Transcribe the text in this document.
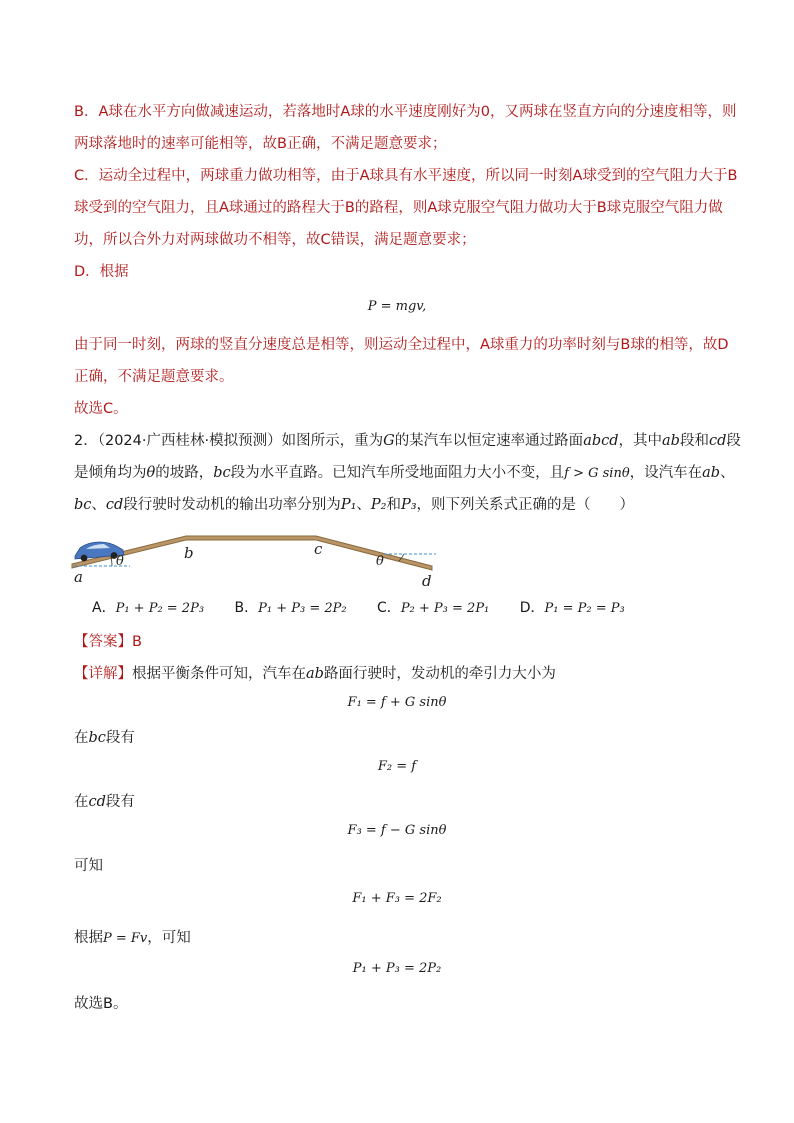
B．A球在水平方向做减速运动，若落地时A球的水平速度刚好为0，又两球在竖直方向的分速度相等，则
两球落地时的速率可能相等，故B正确，不满足题意要求；
C．运动全过程中，两球重力做功相等，由于A球具有水平速度，所以同一时刻A球受到的空气阻力大于B
球受到的空气阻力，且A球通过的路程大于B的路程，则A球克服空气阻力做功大于B球克服空气阻力做
功，所以合外力对两球做功不相等，故C错误，满足题意要求；
D．根据
P = mgv,
由于同一时刻，两球的竖直分速度总是相等，则运动全过程中，A球重力的功率时刻与B球的相等，故D
正确，不满足题意要求。
故选C。
2．（2024·广西桂林·模拟预测）如图所示，重为G的某汽车以恒定速率通过路面abcd，其中ab段和cd段
是倾角均为θ的坡路，bc段为水平直路。已知汽车所受地面阻力大小不变，且f > G sinθ，设汽车在ab、
bc、cd段行驶时发动机的输出功率分别为P₁、P₂和P₃，则下列关系式正确的是（　　）
a
b	c
d
θ	θ
A．P₁ + P₂ = 2P₃ B．P₁ + P₃ = 2P₂ C．P₂ + P₃ = 2P₁ D．P₁ = P₂ = P₃
【答案】B
【详解】根据平衡条件可知，汽车在ab路面行驶时，发动机的牵引力大小为
F₁ = f + G sinθ
在bc段有
F₂ = f
在cd段有
F₃ = f − G sinθ
可知
F₁ + F₃ = 2F₂
根据P = Fv，可知
P₁ + P₃ = 2P₂
故选B。
